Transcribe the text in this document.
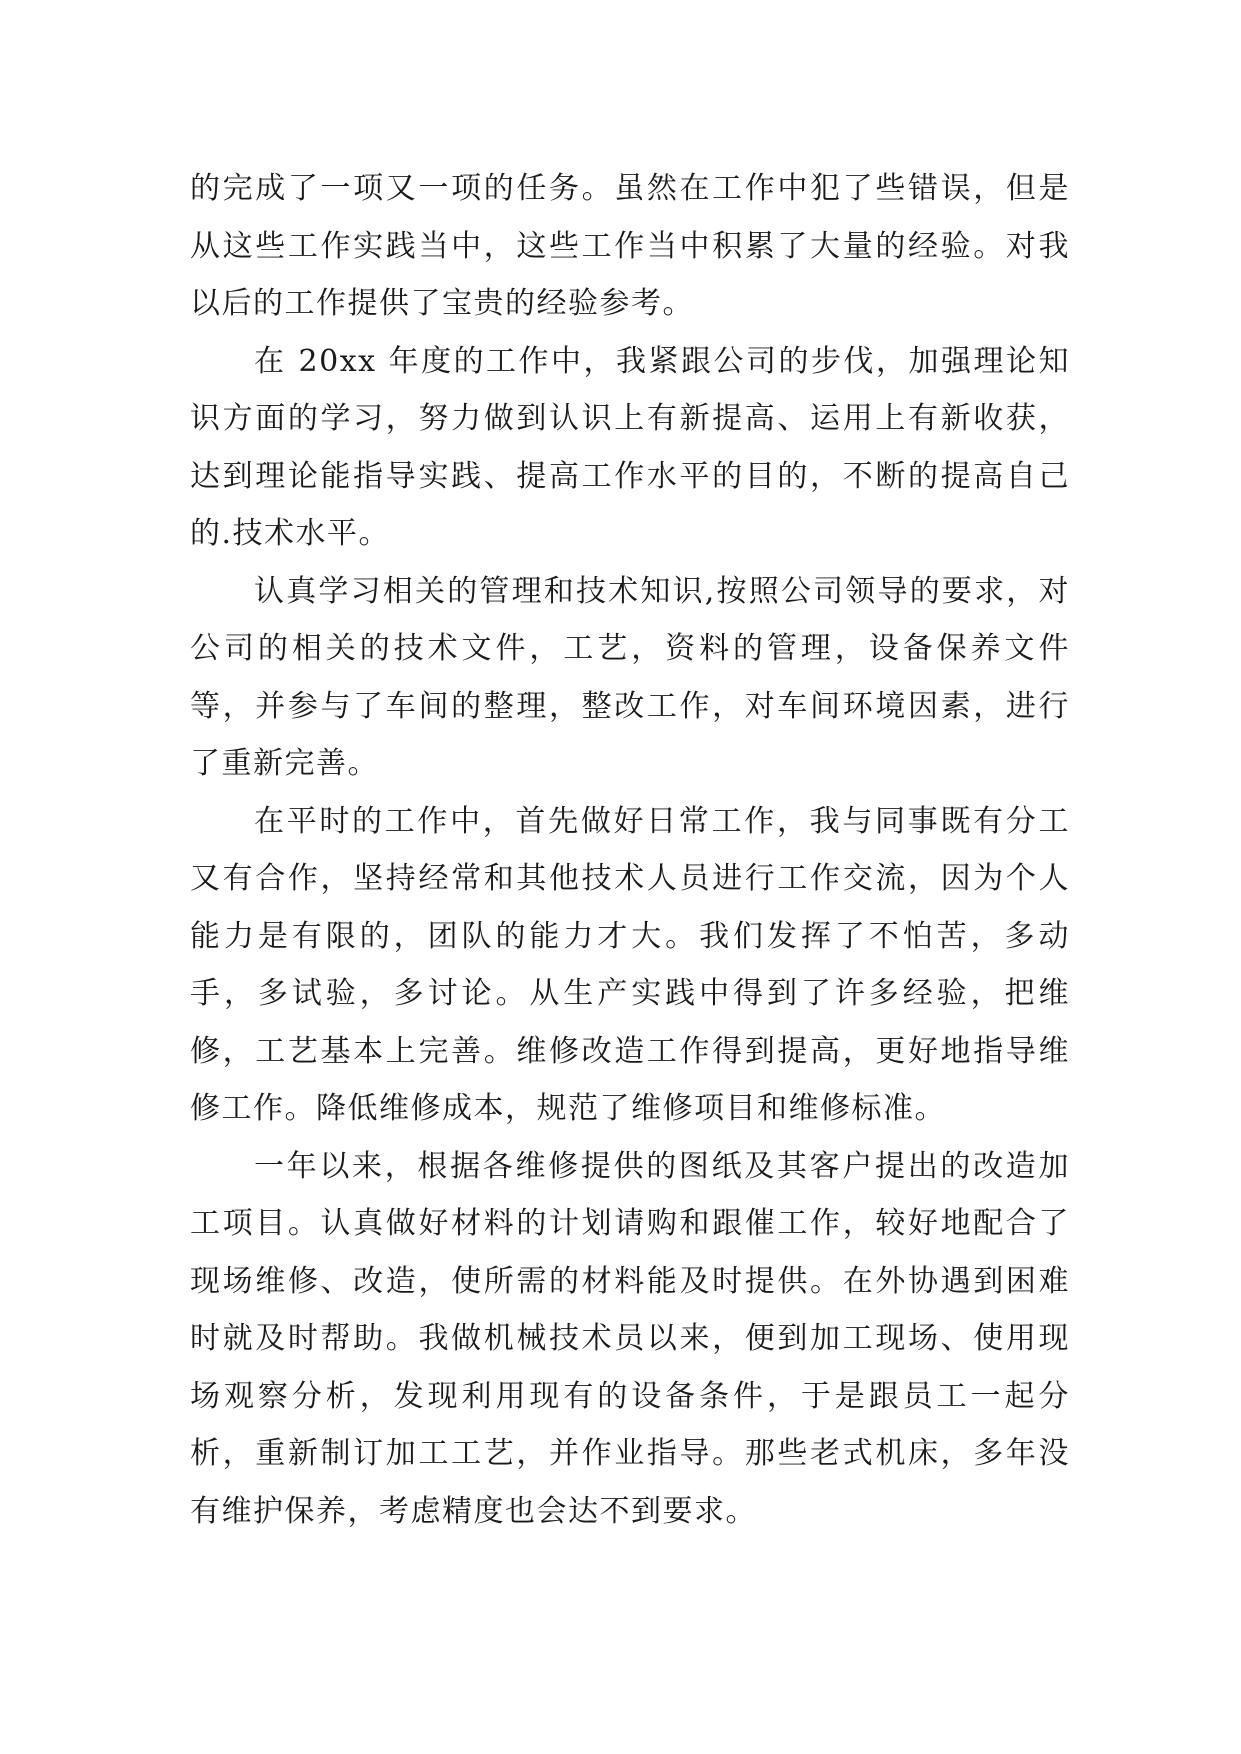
的完成了一项又一项的任务。虽然在工作中犯了些错误，但是从这些工作实践当中，这些工作当中积累了大量的经验。对我以后的工作提供了宝贵的经验参考。

在 20xx 年度的工作中，我紧跟公司的步伐，加强理论知识方面的学习，努力做到认识上有新提高、运用上有新收获，达到理论能指导实践、提高工作水平的目的，不断的提高自己的.技术水平。

认真学习相关的管理和技术知识,按照公司领导的要求，对公司的相关的技术文件，工艺，资料的管理，设备保养文件等，并参与了车间的整理，整改工作，对车间环境因素，进行了重新完善。

在平时的工作中，首先做好日常工作，我与同事既有分工又有合作，坚持经常和其他技术人员进行工作交流，因为个人能力是有限的，团队的能力才大。我们发挥了不怕苦，多动手，多试验，多讨论。从生产实践中得到了许多经验，把维修，工艺基本上完善。维修改造工作得到提高，更好地指导维修工作。降低维修成本，规范了维修项目和维修标准。

一年以来，根据各维修提供的图纸及其客户提出的改造加工项目。认真做好材料的计划请购和跟催工作，较好地配合了现场维修、改造，使所需的材料能及时提供。在外协遇到困难时就及时帮助。我做机械技术员以来，便到加工现场、使用现场观察分析，发现利用现有的设备条件，于是跟员工一起分析，重新制订加工工艺，并作业指导。那些老式机床，多年没有维护保养，考虑精度也会达不到要求。
